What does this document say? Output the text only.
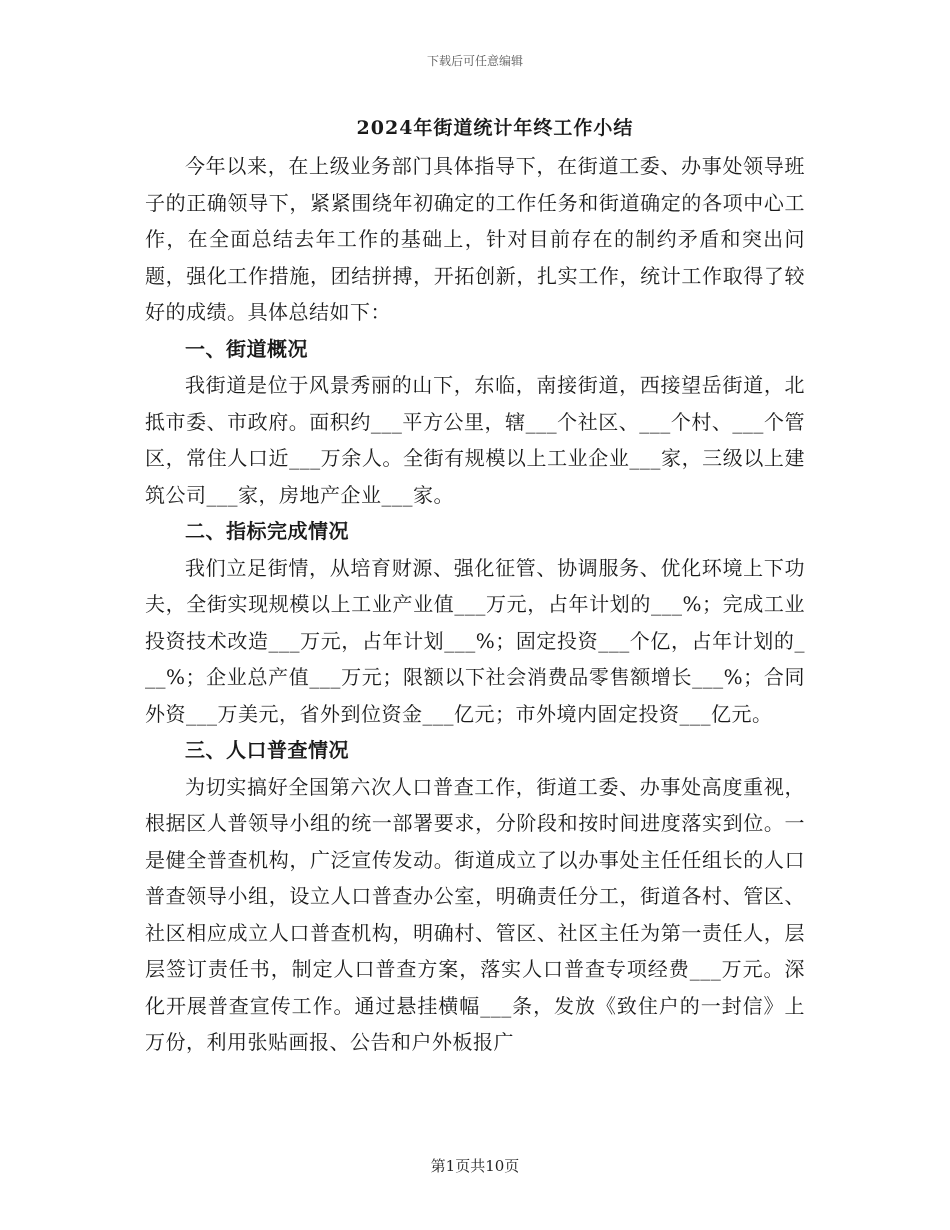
下载后可任意编辑

2024年街道统计年终工作小结

今年以来，在上级业务部门具体指导下，在街道工委、办事处领导班子的正确领导下，紧紧围绕年初确定的工作任务和街道确定的各项中心工作，在全面总结去年工作的基础上，针对目前存在的制约矛盾和突出问题，强化工作措施，团结拼搏，开拓创新，扎实工作，统计工作取得了较好的成绩。具体总结如下：

一、街道概况

我街道是位于风景秀丽的山下，东临，南接街道，西接望岳街道，北抵市委、市政府。面积约___平方公里，辖___个社区、___个村、___个管区，常住人口近___万余人。全街有规模以上工业企业___家，三级以上建筑公司___家，房地产企业___家。

二、指标完成情况

我们立足街情，从培育财源、强化征管、协调服务、优化环境上下功夫，全街实现规模以上工业产业值___万元，占年计划的___%；完成工业投资技术改造___万元，占年计划___%；固定投资___个亿，占年计划的___%；企业总产值___万元；限额以下社会消费品零售额增长___%；合同外资___万美元，省外到位资金___亿元；市外境内固定投资___亿元。

三、人口普查情况

为切实搞好全国第六次人口普查工作，街道工委、办事处高度重视，根据区人普领导小组的统一部署要求，分阶段和按时间进度落实到位。一是健全普查机构，广泛宣传发动。街道成立了以办事处主任任组长的人口普查领导小组，设立人口普查办公室，明确责任分工，街道各村、管区、社区相应成立人口普查机构，明确村、管区、社区主任为第一责任人，层层签订责任书，制定人口普查方案，落实人口普查专项经费___万元。深化开展普查宣传工作。通过悬挂横幅___条，发放《致住户的一封信》上万份，利用张贴画报、公告和户外板报广

第1页共10页
